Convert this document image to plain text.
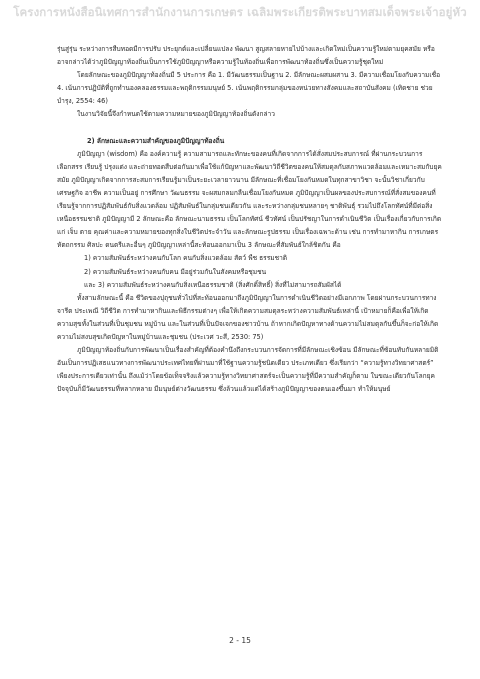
โครงการหนังสือนิเทศการสำนักงานการเกษตร เฉลิมพระเกียรติพระบาทสมเด็จพระเจ้าอยู่หัว

รุ่นสู่รุ่น ระหว่างการสืบทอดมีการปรับ ประยุกต์และเปลี่ยนแปลง พัฒนา สูญสลายหายไปบ้างและเกิดใหม่เป็นความรู้ใหม่ตามยุคสมัย หรืออาจกล่าวได้ว่าภูมิปัญญาท้องถิ่นเป็นการใช้ภูมิปัญญาหรือความรู้ในท้องถิ่นเพื่อการพัฒนาท้องถิ่นซึ่งเป็นความรู้ชุดใหม่

โดยลักษณะของภูมิปัญญาท้องถิ่นมี 5 ประการ คือ 1. มีวัฒนธรรมเป็นฐาน 2. มีลักษณะผสมผสาน 3. มีความเชื่อมโยงกับความเชื่อ 4. เน้นการปฏิบัติที่ถูกทำนองคลองธรรมและพฤติกรรมมนุษย์ 5. เน้นพฤติกรรมกลุ่มของหน่วยทางสังคมและสถาบันสังคม (เทิดชาย ช่วยบำรุง, 2554: 46)

ในงานวิจัยนี้จึงกำหนดใช้ตามความหมายของภูมิปัญญาท้องถิ่นดังกล่าว

2) ลักษณะและความสำคัญของภูมิปัญญาท้องถิ่น

ภูมิปัญญา (wisdom) คือ องค์ความรู้ ความสามารถและทักษะของคนที่เกิดจากการได้สั่งสมประสบการณ์ ที่ผ่านกระบวนการเลือกสรร เรียนรู้ ปรุงแต่ง และถ่ายทอดสืบต่อกันมาเพื่อใช้แก้ปัญหาและพัฒนาวิถีชีวิตของคนให้สมดุลกับสภาพแวดล้อมและเหมาะสมกับยุคสมัย ภูมิปัญญาเกิดจากการสะสมการเรียนรู้มาเป็นระยะเวลายาวนาน มีลักษณะที่เชื่อมโยงกันหมดในทุกสาขาวิชา จะนั้นวิชาเกี่ยวกับเศรษฐกิจ อาชีพ ความเป็นอยู่ การศึกษา วัฒนธรรม จะผสมกลมกลืนเชื่อมโยงกันหมด ภูมิปัญญาเป็นผลของประสบการณ์ที่สั่งสมของคนที่เรียนรู้จากการปฏิสัมพันธ์กับสิ่งแวดล้อม ปฏิสัมพันธ์ในกลุ่มชนเดียวกัน และระหว่างกลุ่มชนหลายๆ ชาติพันธุ์ รวมไปถึงโลกทัศน์ที่มีต่อสิ่งเหนือธรรมชาติ ภูมิปัญญามี 2 ลักษณะคือ ลักษณะนามธรรม เป็นโลกทัศน์ ชีวทัศน์ เป็นปรัชญาในการดำเนินชีวิต เป็นเรื่องเกี่ยวกับการเกิด แก่ เจ็บ ตาย คุณค่าและความหมายของทุกสิ่งในชีวิตประจำวัน และลักษณะรูปธรรม เป็นเรื่องเฉพาะด้าน เช่น การทำมาหากิน การเกษตร หัตถกรรม ศิลปะ ดนตรีและอื่นๆ ภูมิปัญญาเหล่านี้สะท้อนออกมาเป็น 3 ลักษณะที่สัมพันธ์ใกล้ชิดกัน คือ

1) ความสัมพันธ์ระหว่างคนกับโลก คนกับสิ่งแวดล้อม สัตว์ พืช ธรรมชาติ

2) ความสัมพันธ์ระหว่างคนกับคน มีอยู่ร่วมกันในสังคมหรือชุมชน

และ 3) ความสัมพันธ์ระหว่างคนกับสิ่งเหนือธรรมชาติ (สิ่งศักดิ์สิทธิ์) สิ่งที่ไม่สามารถสัมผัสได้

ทั้งสามลักษณะนี้ คือ ชีวิตของปุถุชนทั่วไปที่สะท้อนออกมาถึงภูมิปัญญาในการดำเนินชีวิตอย่างมีเอกภาพ โดยผ่านกระบวนการทางจารีต ประเพณี วิถีชีวิต การทำมาหากินและพิธีกรรมต่างๆ เพื่อให้เกิดความสมดุลระหว่างความสัมพันธ์เหล่านี้ เป้าหมายก็คือเพื่อให้เกิดความสุขทั้งในส่วนที่เป็นชุมชน หมู่บ้าน และในส่วนที่เป็นปัจเจกของชาวบ้าน ถ้าหากเกิดปัญหาทางด้านความไม่สมดุลกันขึ้นก็จะก่อให้เกิดความไม่สงบสุขเกิดปัญหาในหมู่บ้านและชุมชน (ประเวศ วะสี, 2530: 75)

ภูมิปัญญาท้องถิ่นกับการพัฒนาเป็นเรื่องสำคัญที่ต้องคำนึงถึงกระบวนการจัดการที่มีลักษณะเชิงซ้อน มีลักษณะที่ซ้อนทับกันหลายมิติ อันเป็นการปฏิเสธแนวทางการพัฒนาประเทศไทยที่ผ่านมาที่ใช้ฐานความรู้ชนิดเดียว ประเภทเดียว ซึ่งเรียกว่า “ความรู้ทางวิทยาศาสตร์” เพียงประการเดียวเท่านั้น ถึงแม้ว่าโดยข้อเท็จจริงแล้วความรู้ทางวิทยาศาสตร์จะเป็นความรู้ที่มีความสำคัญก็ตาม ในขณะเดียวกันโลกยุคปัจจุบันก็มีวัฒนธรรมที่หลากหลาย มีมนุษย์ต่างวัฒนธรรม ซึ่งล้วนแล้วแต่ได้สร้างภูมิปัญญาของตนเองขึ้นมา ทำให้มนุษย์

2 - 15
